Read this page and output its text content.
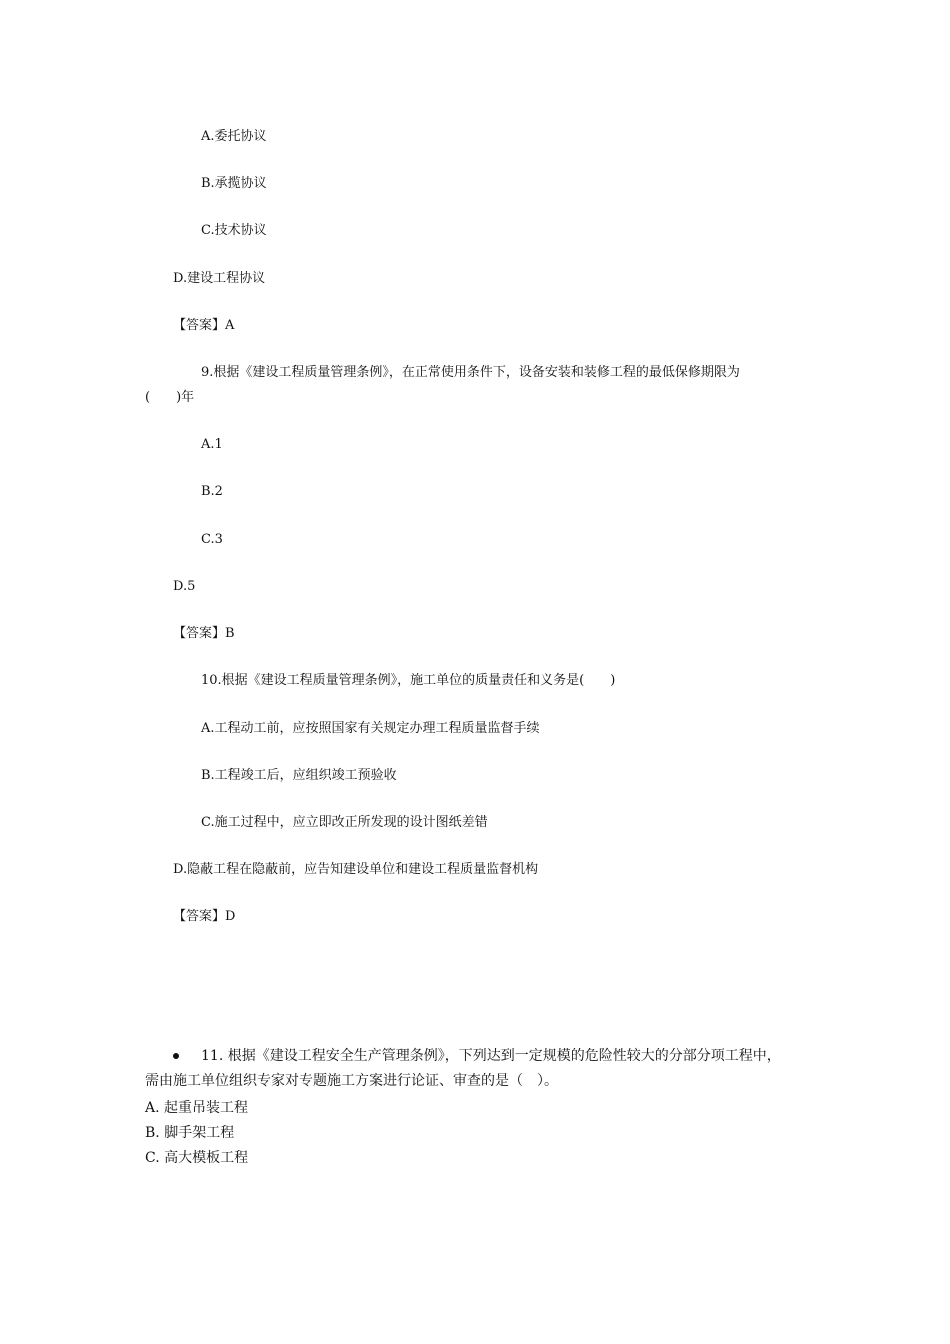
A.委托协议
B.承揽协议
C.技术协议
D.建设工程协议
【答案】A
9.根据《建设工程质量管理条例》，在正常使用条件下，设备安装和装修工程的最低保修期限为
(　　)年
A.1
B.2
C.3
D.5
【答案】B
10.根据《建设工程质量管理条例》，施工单位的质量责任和义务是(　　)
A.工程动工前，应按照国家有关规定办理工程质量监督手续
B.工程竣工后，应组织竣工预验收
C.施工过程中，应立即改正所发现的设计图纸差错
D.隐蔽工程在隐蔽前，应告知建设单位和建设工程质量监督机构
【答案】D
11. 根据《建设工程安全生产管理条例》，下列达到一定规模的危险性较大的分部分项工程中，
需由施工单位组织专家对专题施工方案进行论证、审查的是（　）。
A. 起重吊装工程
B. 脚手架工程
C. 高大模板工程
